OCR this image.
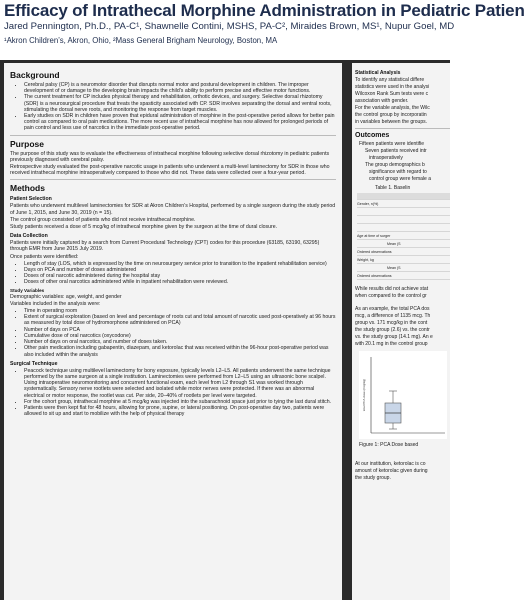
Efficacy of Intrathecal Morphine Administration in Pediatric Patien
Jared Pennington, Ph.D., PA-C¹, Shawnelle Contini, MSHS, PA-C², Miraides Brown, MS¹, Nupur Goel, MD
¹Akron Children’s, Akron, Ohio, ²Mass General Brigham Neurology, Boston, MA
Background
• Cerebral palsy (CP) is a neuromotor disorder that disrupts normal motor and postural development in children. The improper development of or damage to the developing brain impacts the child’s ability to perform precise and effective motor functions.
• The current treatment for CP includes physical therapy and rehabilitation, orthotic devices, and surgery. Selective dorsal rhizotomy (SDR) is a neurosurgical procedure that treats the spasticity associated with CP. SDR involves separating the dorsal and ventral roots, stimulating the dorsal nerve roots, and monitoring the response from target muscles.
• Early studies on SDR in children have proven that epidural administration of morphine in the post-operative period allows for better pain control as compared to oral pain medications. The more recent use of intrathecal morphine has now allowed for prolonged periods of pain control and less use of narcotics in the immediate post-operative period.
Purpose

The purpose of this study was to evaluate the effectiveness of intrathecal morphine following selective dorsal rhizotomy in pediatric patients previously diagnosed with cerebral palsy.

Retrospective study evaluated the post-operative narcotic usage in patients who underwent a multi-level laminectomy for SDR in those who received intrathecal morphine intraoperatively compared to those who did not. These data were collected over a four-year period.

Methods
Patient Selection

Patients who underwent multilevel laminectomies for SDR at Akron Children’s Hospital, performed by a single surgeon during the study period of June 1, 2015, and June 30, 2019 (n = 15).

The control group consisted of patients who did not receive intrathecal morphine.

Study patients received a dose of 5 mcg/kg of intrathecal morphine given by the surgeon at the time of dural closure.

Data Collection

Patients were initially captured by a search from Current Procedural Technology (CPT) codes for this procedure (63185, 63190, 63295) through EMR from June 2015 July 2019.

Once patients were identified:

• Length of stay (LOS, which is expressed by the time on neurosurgery service prior to transition to the inpatient rehabilitation service)
• Days on PCA and number of doses administered
• Doses of oral narcotic administered during the hospital stay
• Doses of other oral narcotics administered while in inpatient rehabilitation were reviewed.
Study Variables

Demographic variables: age, weight, and gender

Variables included in the analysis were:

• Time in operating room
• Extent of surgical exploration (based on level and percentage of roots cut and total amount of narcotic used post-operatively at 96 hours as measured by total dose of hydromorphone administered on PCA)
• Number of days on PCA
• Cumulative dose of oral narcotics (oxycodone)
• Number of days on oral narcotics, and number of doses taken.
• Other pain medication including gabapentin, diazepam, and ketorolac that was received within the 96-hour post-operative period was also included within the analysis
Surgical Technique
• Peacock technique using multilevel laminectomy for bony exposure, typically levels L2–L5. All patients underwent the same technique performed by the same surgeon at a single institution. Laminectomies were performed from L2–L5 using an ultrasonic bone scalpel. Using intraoperative neuromonitoring and concurrent functional exam, each level from L2 through S1 was worked through systematically. Sensory nerve rootlets were selected and isolated while motor nerves were protected. If there was an abnormal electrical or motor response, the rootlet was cut. Per side, 20–40% of rootlets per level were targeted.
• For the cohort group, intrathecal morphine at 5 mcg/kg was injected into the subarachnoid space just prior to tying the last dural stitch.
• Patients were then kept flat for 48 hours, allowing for prone, supine, or lateral positioning. On post-operative day two, patients were allowed to sit up and start to mobilize with the help of physical therapy
Statistical Analysis

To identify any statistical differe

statistics were used in the analysi

Wilcoxon Rank Sum tests were c

association with gender.

For the variable analysis, the Wilc

the control group by incorporatin

in variables between the groups.

Outcomes

Fifteen patients were identifie

Seven patients received intr

intraoperatively

The group demographics b

significance with regard to

control group were female a

Table 1. Baselin
Gender, n(%)
Age at time of surger
Mean (S
Ordered observations
Weight, kg
Mean (S
Ordered observations

While results did not achieve stat

when compared to the control gr

As an example, the total PCA dos

mcg, a difference of 1135 mcg. Th

group vs. 171 mcg/kg in the cont

the study group (2.6) vs. the contr

vs. the study group (14.1 mg). An e

with 20.1 mg in the control group

total PCA dose (mcg/kg)
Figure 1: PCA Dose based

At our institution, ketorolac is co

amount of ketorolac given during

the study group.
